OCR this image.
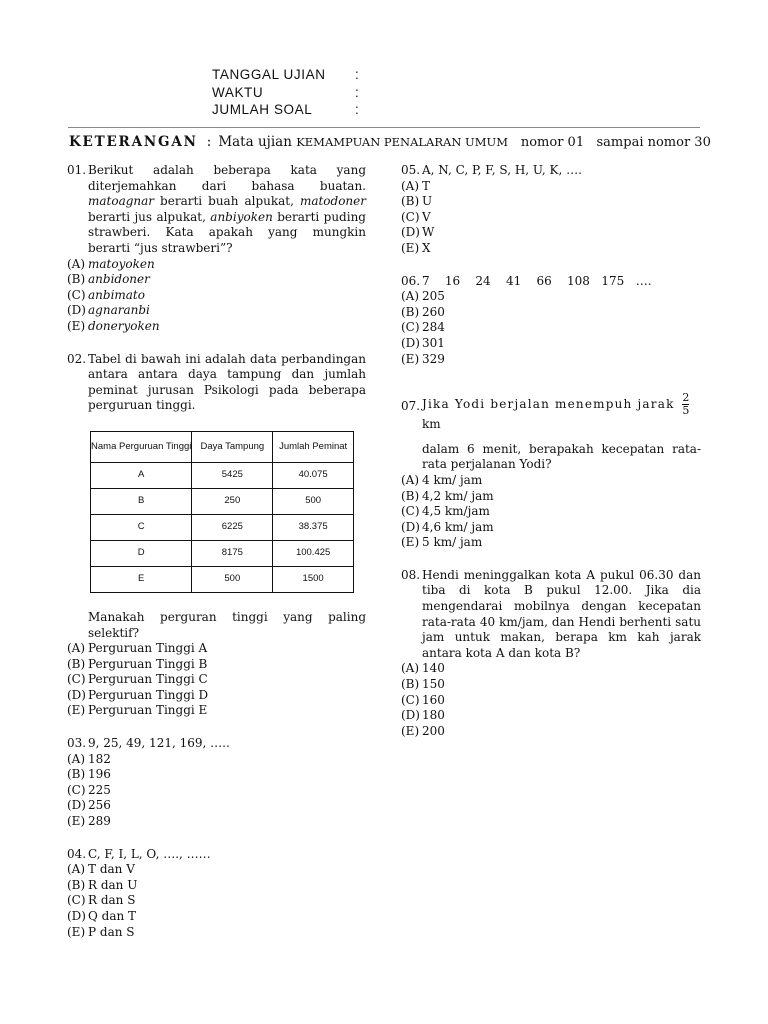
TANGGAL UJIAN	:
WAKTU	:
JUMLAH SOAL	:
KETERANGAN : Mata ujian KEMAMPUAN PENALARAN UMUM nomor 01   sampai nomor 30
01. Berikut adalah beberapa kata yang diterjemahkan dari bahasa buatan. matoagnar berarti buah alpukat, matodoner berarti jus alpukat, anbiyoken berarti puding strawberi. Kata apakah yang mungkin berarti “jus strawberi”?
(A) matoyoken
(B) anbidoner
(C) anbimato
(D) agnaranbi
(E) doneryoken
02. Tabel di bawah ini adalah data perbandingan antara antara daya tampung dan jumlah peminat jurusan Psikologi pada beberapa perguruan tinggi.
Nama Perguruan Tinggi	Daya Tampung	Jumlah Peminat
A	5425	40.075
B	250	500
C	6225	38.375
D	8175	100.425
E	500	1500
Manakah perguran tinggi yang paling selektif?
(A) Perguruan Tinggi A
(B) Perguruan Tinggi B
(C) Perguruan Tinggi C
(D) Perguruan Tinggi D
(E) Perguruan Tinggi E
03. 9, 25, 49, 121, 169, …..
(A) 182
(B) 196
(C) 225
(D) 256
(E) 289
04. C, F, I, L, O, …., ……
(A) T dan V
(B) R dan U
(C) R dan S
(D) Q dan T
(E) P dan S
05. A, N, C, P, F, S, H, U, K, ….
(A) T
(B) U
(C) V
(D) W
(E) X
06. 7    16    24    41    66    108   175   ….
(A) 205
(B) 260
(C) 284
(D) 301
(E) 329
07. Jika Yodi berjalan menempuh jarak $\frac{2}{5}$
km
dalam 6 menit, berapakah kecepatan rata-rata perjalanan Yodi?
(A) 4 km/ jam
(B) 4,2 km/ jam
(C) 4,5 km/jam
(D) 4,6 km/ jam
(E) 5 km/ jam
08. Hendi meninggalkan kota A pukul 06.30 dan tiba di kota B pukul 12.00. Jika dia mengendarai mobilnya dengan kecepatan rata-rata 40 km/jam, dan Hendi berhenti satu jam untuk makan, berapa km kah jarak antara kota A dan kota B?
(A) 140
(B) 150
(C) 160
(D) 180
(E) 200
